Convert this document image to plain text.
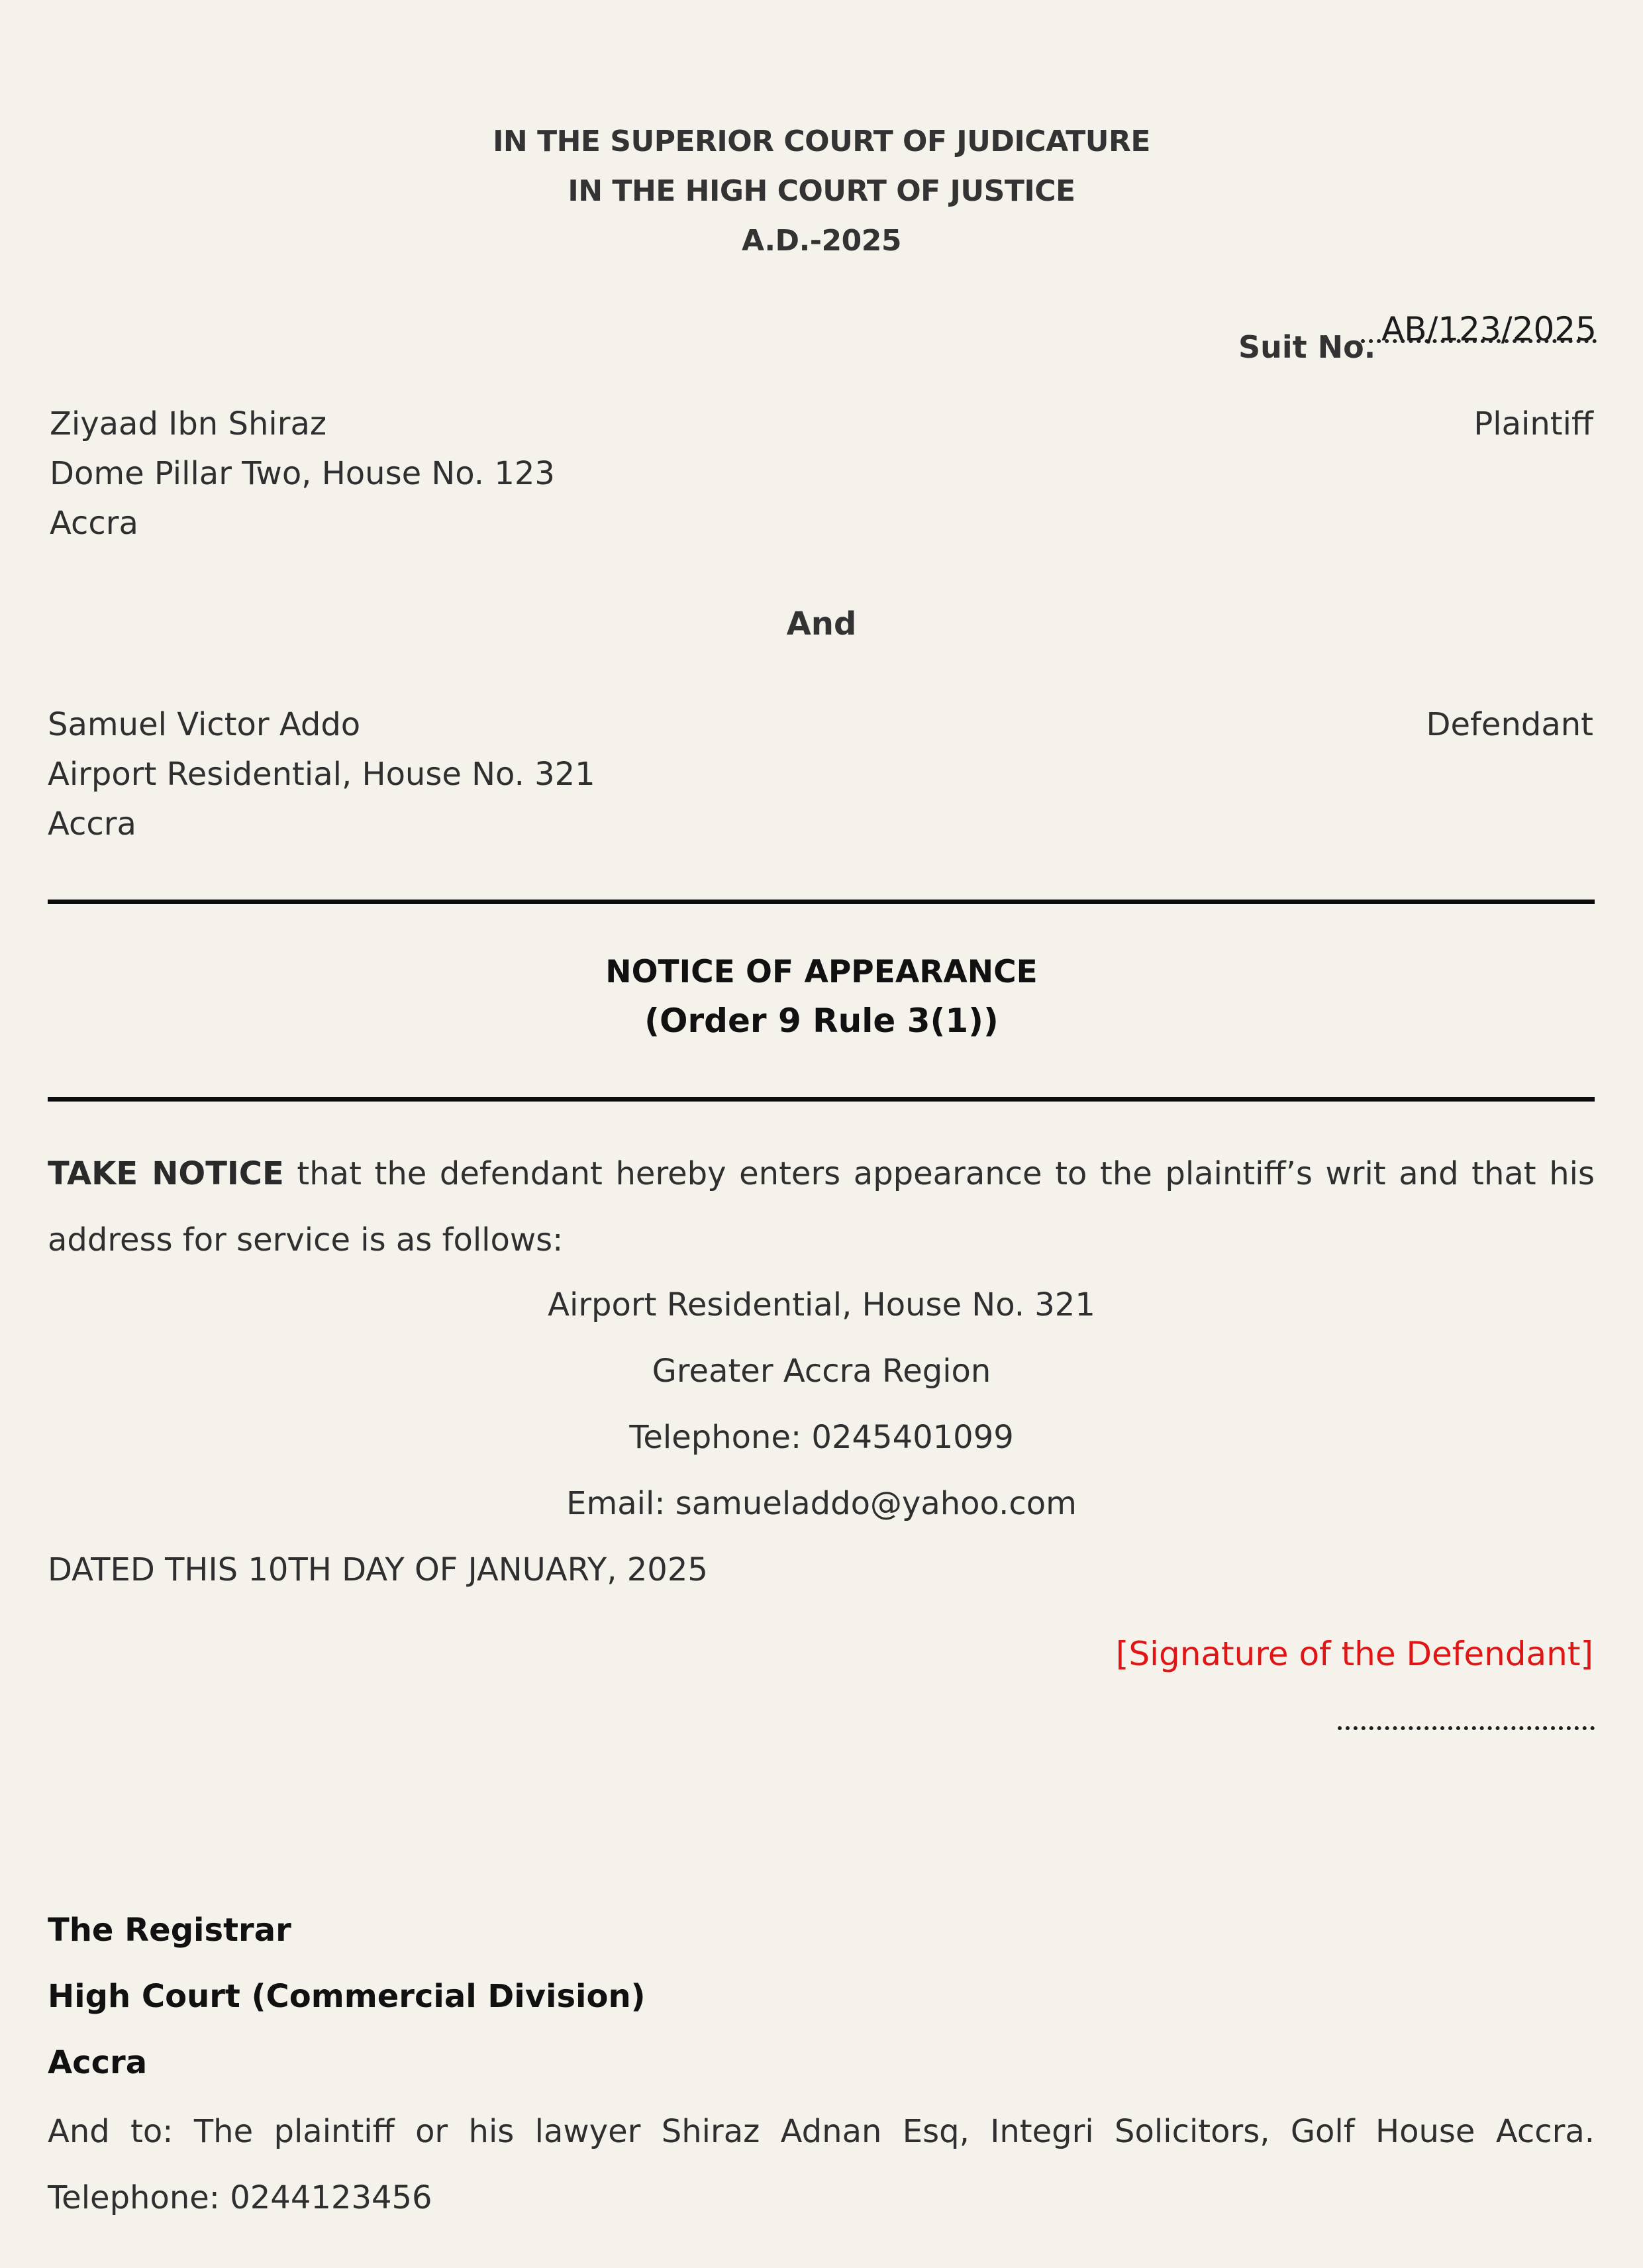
IN THE SUPERIOR COURT OF JUDICATURE
IN THE HIGH COURT OF JUSTICE
A.D.-2025
Suit No. AB/123/2025
Ziyaad Ibn Shiraz
Dome Pillar Two, House No. 123
Accra
Plaintiff
And
Samuel Victor Addo
Airport Residential, House No. 321
Accra
Defendant
NOTICE OF APPEARANCE
(Order 9 Rule 3(1))
TAKE NOTICE that the defendant hereby enters appearance to the plaintiff’s writ and that his address for service is as follows:
Airport Residential, House No. 321
Greater Accra Region
Telephone: 0245401099
Email: samueladdo@yahoo.com
DATED THIS 10TH DAY OF JANUARY, 2025
[Signature of the Defendant]
The Registrar
High Court (Commercial Division)
Accra
And to: The plaintiff or his lawyer Shiraz Adnan Esq, Integri Solicitors, Golf House Accra. Telephone: 0244123456
